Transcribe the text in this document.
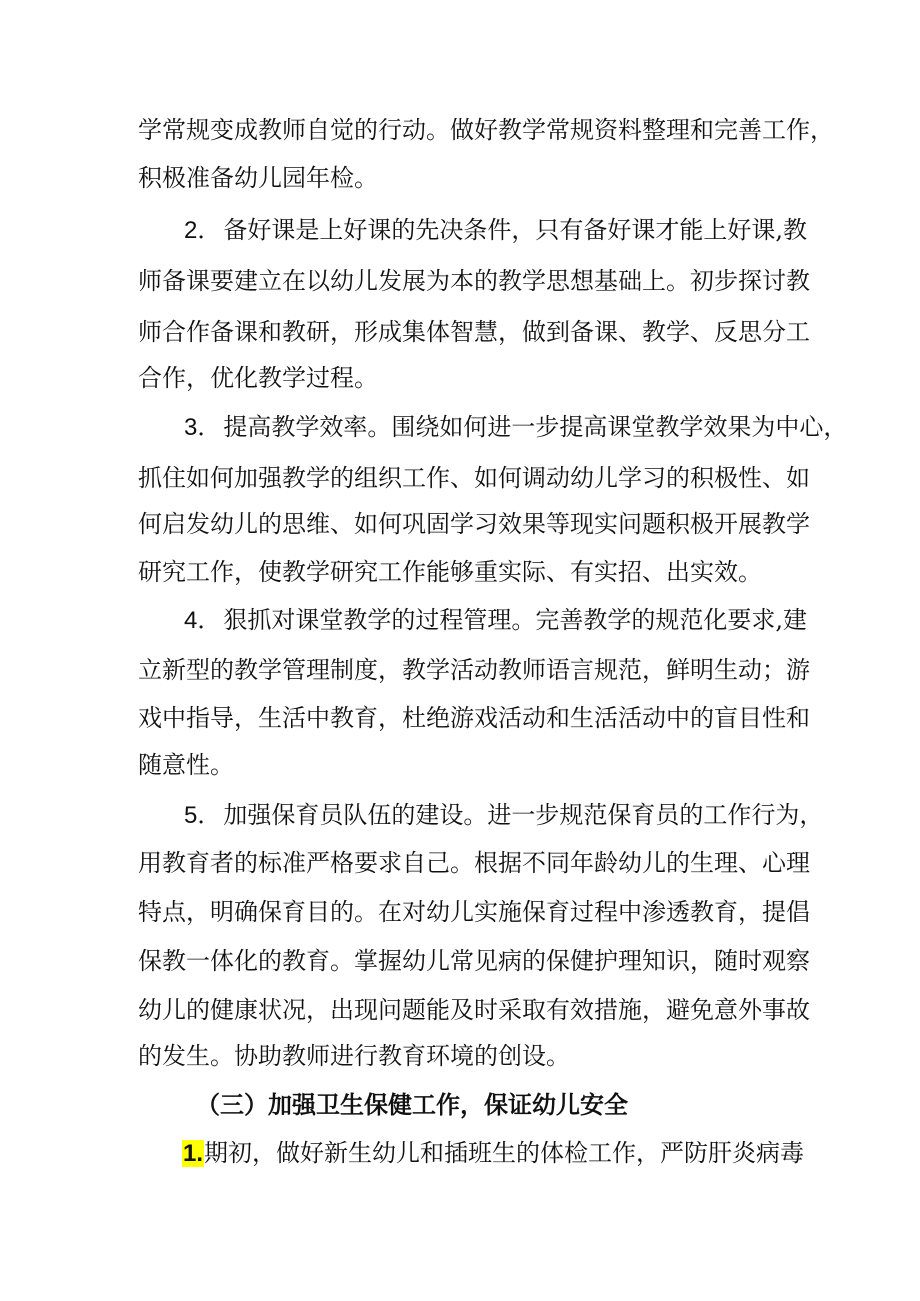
学常规变成教师自觉的行动。做好教学常规资料整理和完善工作，
积极准备幼儿园年检。
2．备好课是上好课的先决条件，只有备好课才能上好课,教
师备课要建立在以幼儿发展为本的教学思想基础上。初步探讨教
师合作备课和教研，形成集体智慧，做到备课、教学、反思分工
合作，优化教学过程。
3．提高教学效率。围绕如何进一步提高课堂教学效果为中心，
抓住如何加强教学的组织工作、如何调动幼儿学习的积极性、如
何启发幼儿的思维、如何巩固学习效果等现实问题积极开展教学
研究工作，使教学研究工作能够重实际、有实招、出实效。
4．狠抓对课堂教学的过程管理。完善教学的规范化要求,建
立新型的教学管理制度，教学活动教师语言规范，鲜明生动；游
戏中指导，生活中教育，杜绝游戏活动和生活活动中的盲目性和
随意性。
5．加强保育员队伍的建设。进一步规范保育员的工作行为，
用教育者的标准严格要求自己。根据不同年龄幼儿的生理、心理
特点，明确保育目的。在对幼儿实施保育过程中渗透教育，提倡
保教一体化的教育。掌握幼儿常见病的保健护理知识，随时观察
幼儿的健康状况，出现问题能及时采取有效措施，避免意外事故
的发生。协助教师进行教育环境的创设。
（三）加强卫生保健工作，保证幼儿安全
1.期初，做好新生幼儿和插班生的体检工作，严防肝炎病毒
